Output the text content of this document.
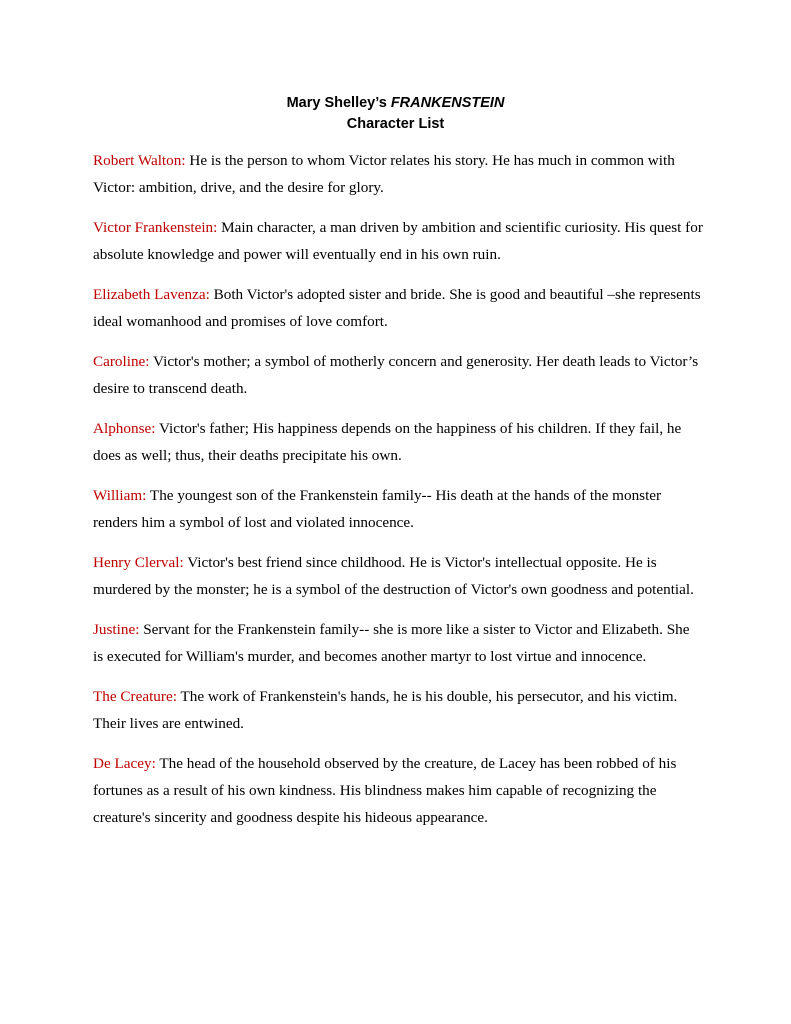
Mary Shelley’s FRANKENSTEIN
Character List

Robert Walton: He is the person to whom Victor relates his story. He has much in common with Victor: ambition, drive, and the desire for glory.

Victor Frankenstein: Main character, a man driven by ambition and scientific curiosity. His quest for absolute knowledge and power will eventually end in his own ruin.

Elizabeth Lavenza: Both Victor's adopted sister and bride. She is good and beautiful –she represents ideal womanhood and promises of love comfort.

Caroline: Victor's mother; a symbol of motherly concern and generosity. Her death leads to Victor’s desire to transcend death.

Alphonse: Victor's father; His happiness depends on the happiness of his children. If they fail, he does as well; thus, their deaths precipitate his own.

William: The youngest son of the Frankenstein family-- His death at the hands of the monster renders him a symbol of lost and violated innocence.

Henry Clerval: Victor's best friend since childhood. He is Victor's intellectual opposite. He is murdered by the monster; he is a symbol of the destruction of Victor's own goodness and potential.

Justine: Servant for the Frankenstein family-- she is more like a sister to Victor and Elizabeth. She is executed for William's murder, and becomes another martyr to lost virtue and innocence.

The Creature: The work of Frankenstein's hands, he is his double, his persecutor, and his victim. Their lives are entwined.

De Lacey: The head of the household observed by the creature, de Lacey has been robbed of his fortunes as a result of his own kindness. His blindness makes him capable of recognizing the creature's sincerity and goodness despite his hideous appearance.
